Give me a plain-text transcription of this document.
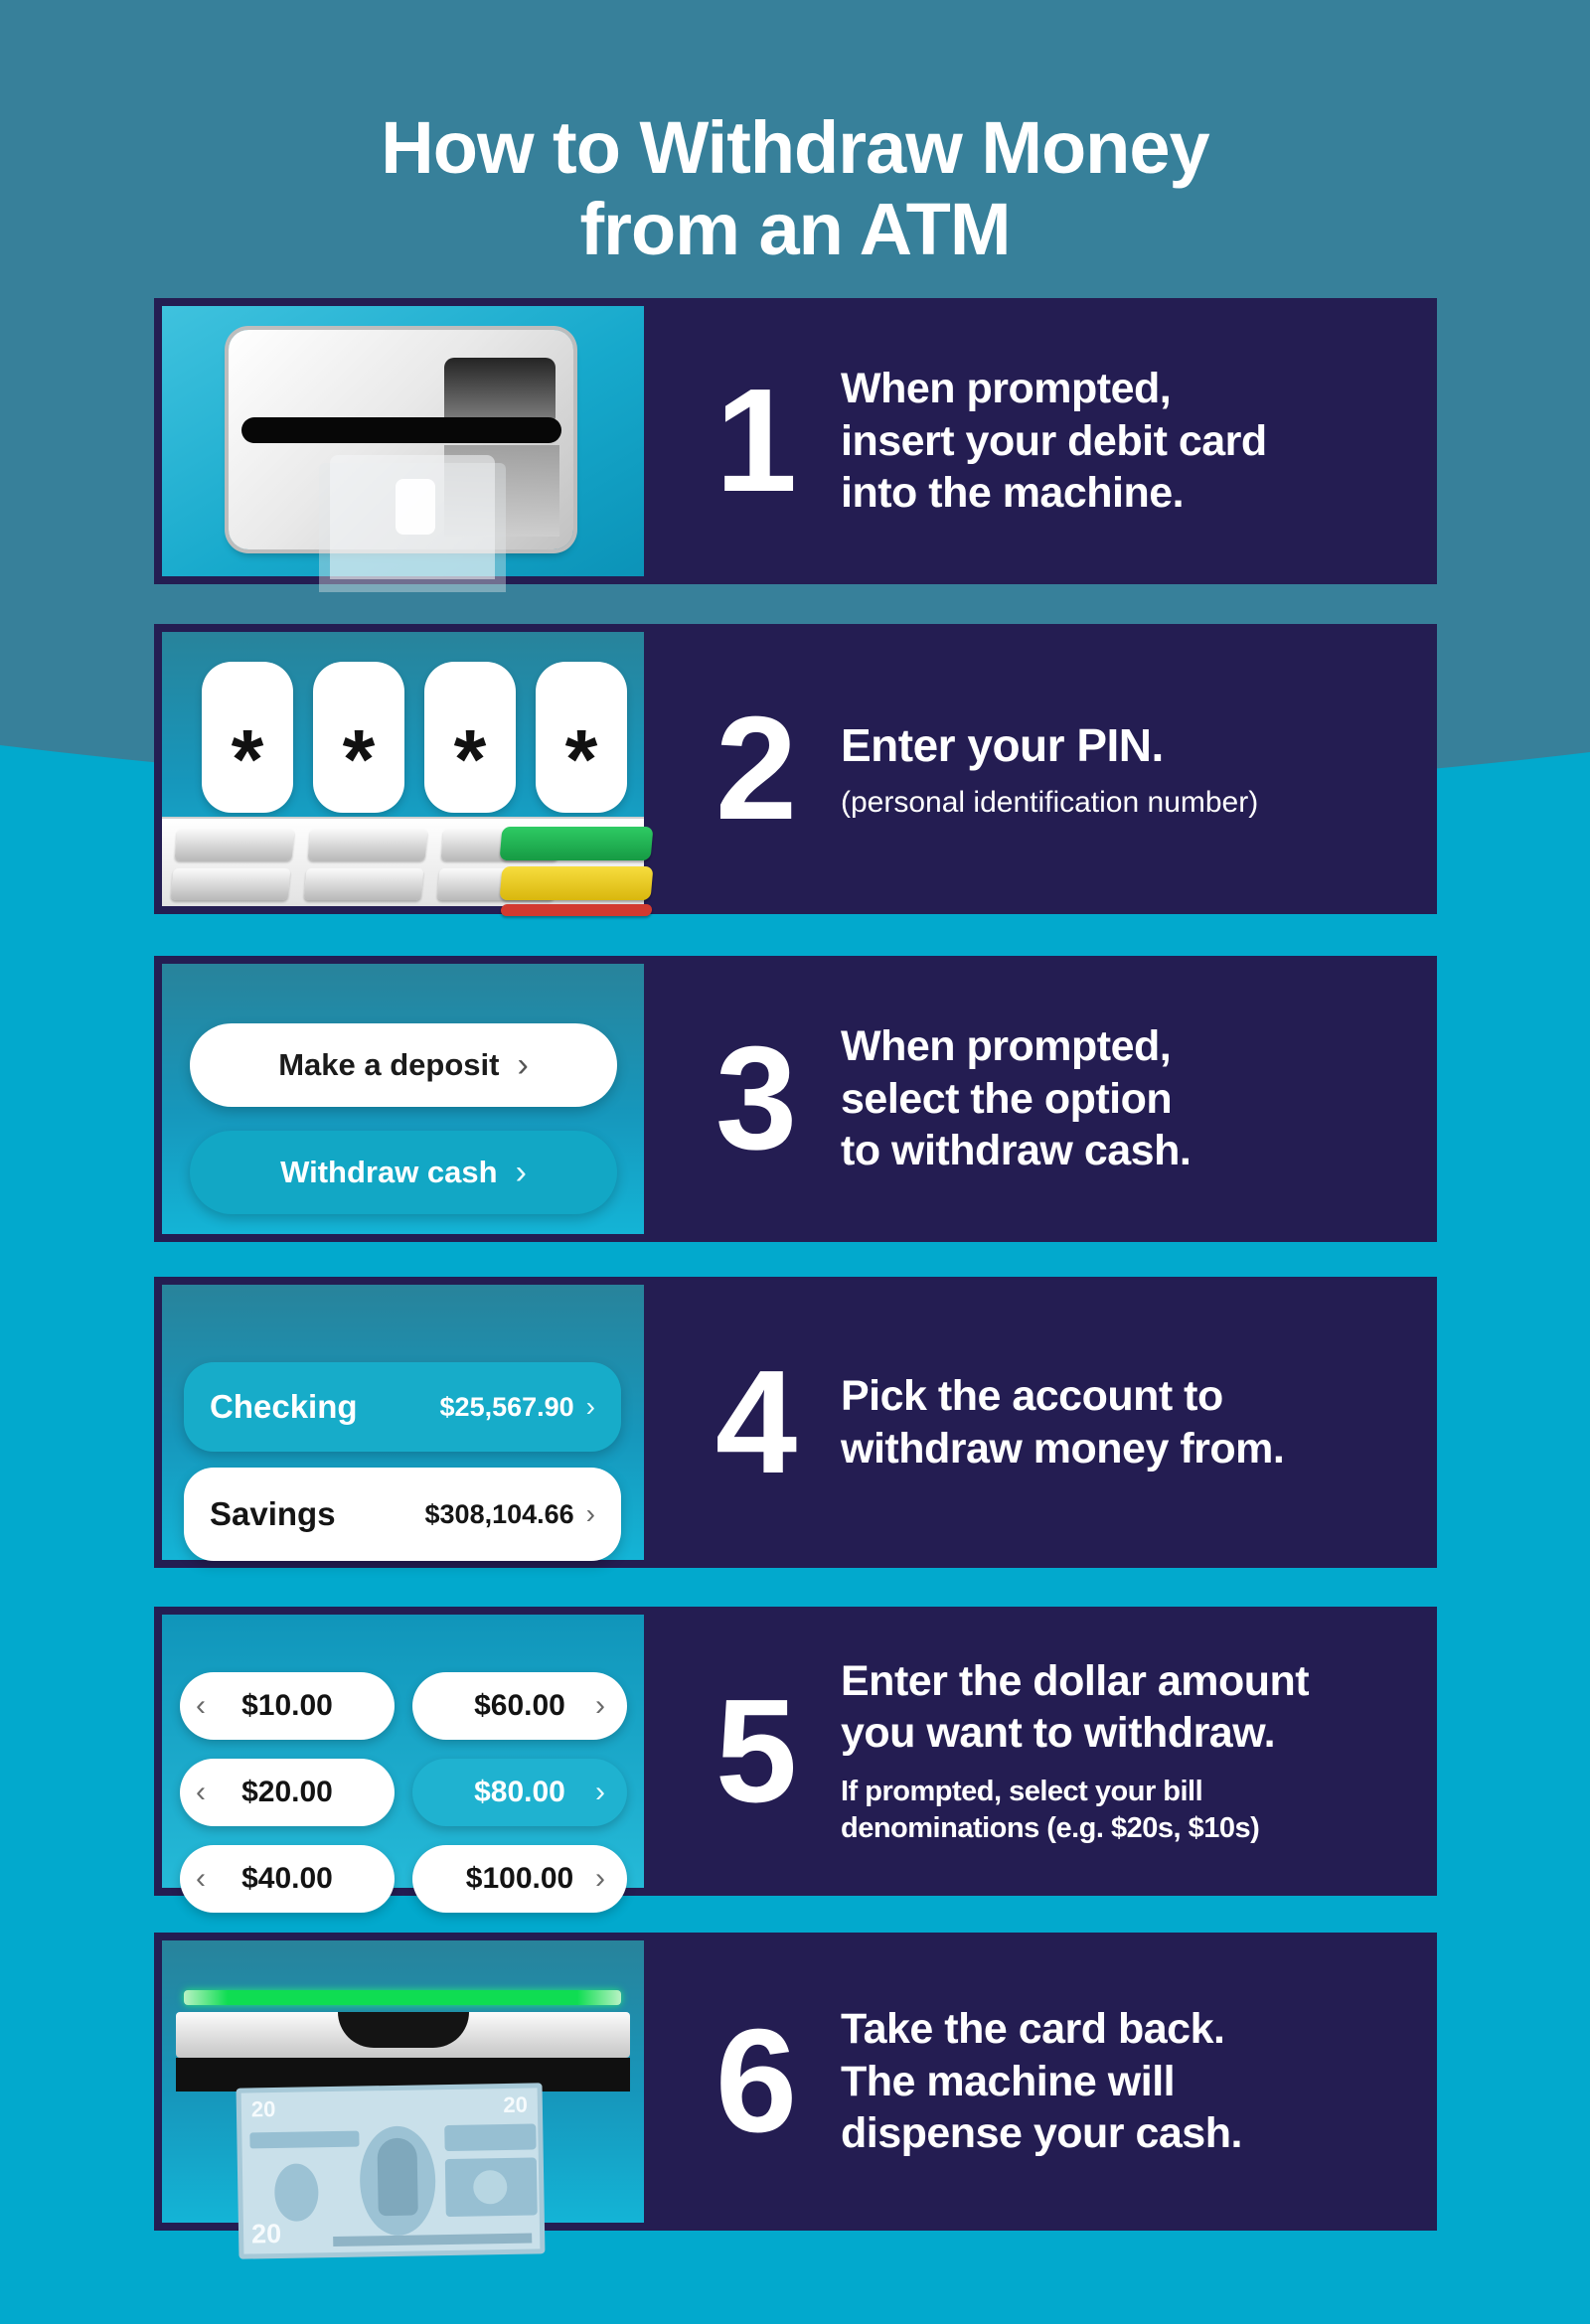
How to Withdraw Money
from an ATM
1	When prompted,
insert your debit card
into the machine.
* * * * 2 Enter your PIN.
(personal identification number)
Make a deposit ›
Withdraw cash › 3	When prompted,
select the option
to withdraw cash.
Checking	$25,567.90 ›
Savings	$308,104.66 ›
4	Pick the account to
withdraw money from.
‹	$10.00
‹	$20.00
‹	$40.00
$60.00	›
$80.00	›
$100.00 ›
5	Enter the dollar amount
you want to withdraw.
If prompted, select your bill
denominations (e.g. $20s, $10s)
20	20
20
6	Take the card back.
The machine will
dispense your cash.
